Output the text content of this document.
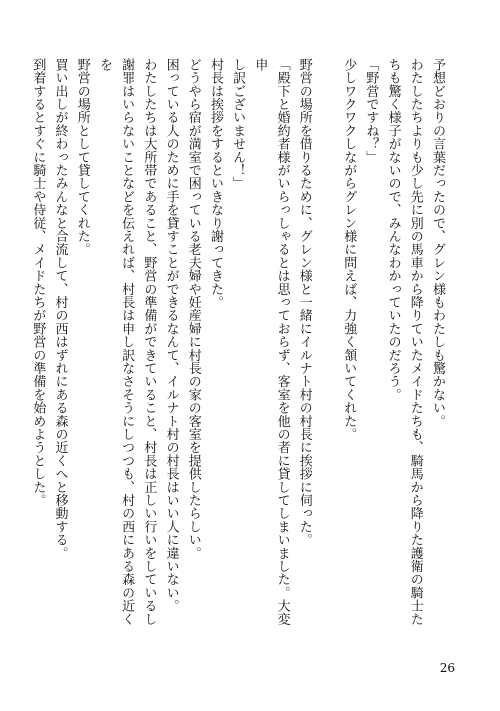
予想どおりの言葉だったので、グレン様もわたしも驚かない。
わたしたちよりも少し先に別の馬車から降りていたメイドたちも、騎馬から降りた護衛の騎士た
ちも驚く様子がないので、みんなわかっていたのだろう。
「野営ですね？」
少しワクワクしながらグレン様に問えば、力強く頷いてくれた。

野営の場所を借りるために、グレン様と一緒にイルナト村の村長に挨拶に伺った。
「殿下と婚約者様がいらっしゃるとは思っておらず、客室を他の者に貸してしまいました。大変申
し訳ございません！」
村長は挨拶をするといきなり謝ってきた。
どうやら宿が満室で困っている老夫婦や妊産婦に村長の家の客室を提供したらしい。
困っている人のために手を貸すことができるなんて、イルナト村の村長はいい人に違いない。
わたしたちは大所帯であること、野営の準備ができていること、村長は正しい行いをしているし
謝罪はいらないことなどを伝えれば、村長は申し訳なさそうにしつつも、村の西にある森の近くを
野営の場所として貸してくれた。
買い出しが終わったみんなと合流して、村の西はずれにある森の近くへと移動する。
到着するとすぐに騎士や侍従、メイドたちが野営の準備を始めようとした。
26
